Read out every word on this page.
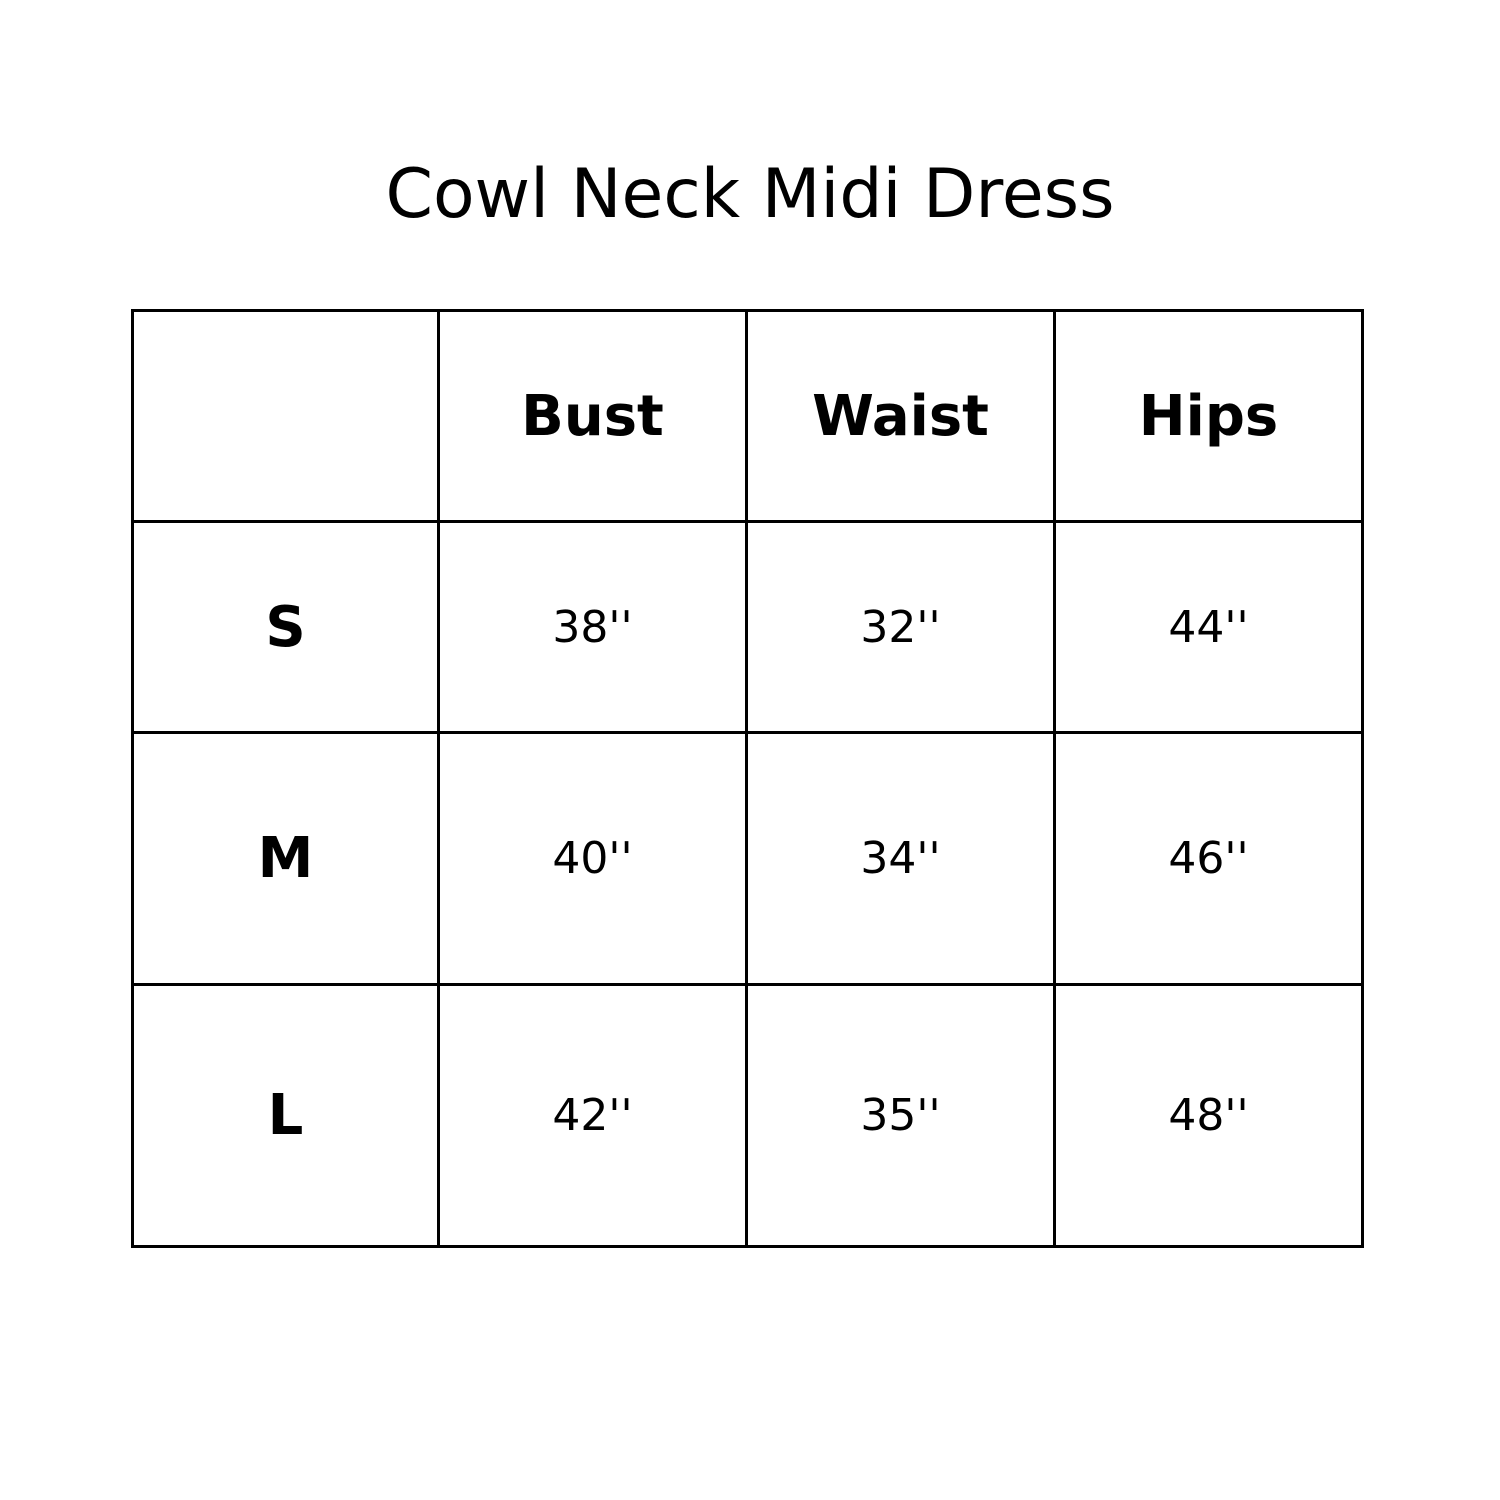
Cowl Neck Midi Dress
	Bust	Waist	Hips
S	38''	32''	44''
M	40''	34''	46''
L	42''	35''	48''
